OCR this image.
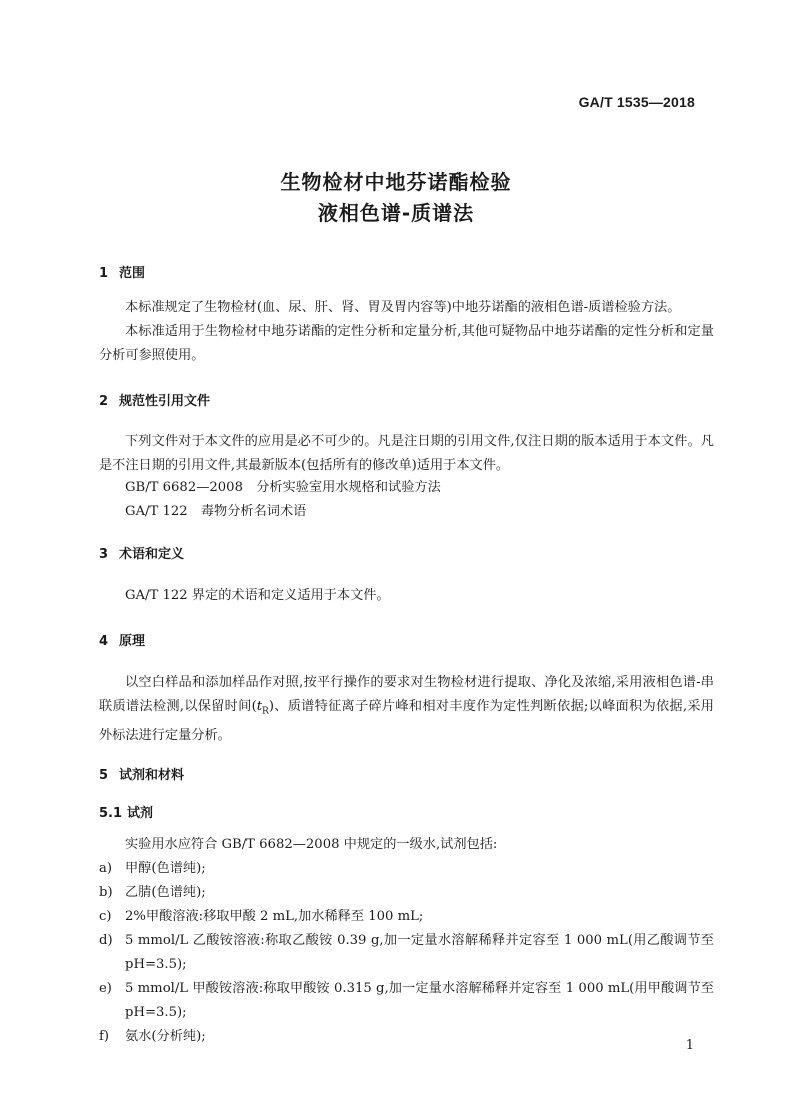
GA/T 1535—2018
生物检材中地芬诺酯检验
液相色谱-质谱法
1 范围

本标准规定了生物检材(血、尿、肝、肾、胃及胃内容等)中地芬诺酯的液相色谱-质谱检验方法。

本标准适用于生物检材中地芬诺酯的定性分析和定量分析,其他可疑物品中地芬诺酯的定性分析和定量分析可参照使用。

2 规范性引用文件

下列文件对于本文件的应用是必不可少的。凡是注日期的引用文件,仅注日期的版本适用于本文件。凡是不注日期的引用文件,其最新版本(包括所有的修改单)适用于本文件。

GB/T 6682—2008　分析实验室用水规格和试验方法
GA/T 122　毒物分析名词术语
3 术语和定义
GA/T 122 界定的术语和定义适用于本文件。
4 原理

以空白样品和添加样品作对照,按平行操作的要求对生物检材进行提取、净化及浓缩,采用液相色谱-串联质谱法检测,以保留时间$(t_R)$、质谱特征离子碎片峰和相对丰度作为定性判断依据;以峰面积为依据,采用外标法进行定量分析。

5 试剂和材料
5.1 试剂
实验用水应符合 GB/T 6682—2008 中规定的一级水,试剂包括:
a) 甲醇(色谱纯);
b) 乙腈(色谱纯);
c) 2%甲酸溶液:移取甲酸 2 mL,加水稀释至 100 mL;
d) 5 mmol/L 乙酸铵溶液:称取乙酸铵 0.39 g,加一定量水溶解稀释并定容至 1 000 mL(用乙酸调节至 pH=3.5);
e) 5 mmol/L 甲酸铵溶液:称取甲酸铵 0.315 g,加一定量水溶解稀释并定容至 1 000 mL(用甲酸调节至 pH=3.5);
f) 氨水(分析纯);
1
